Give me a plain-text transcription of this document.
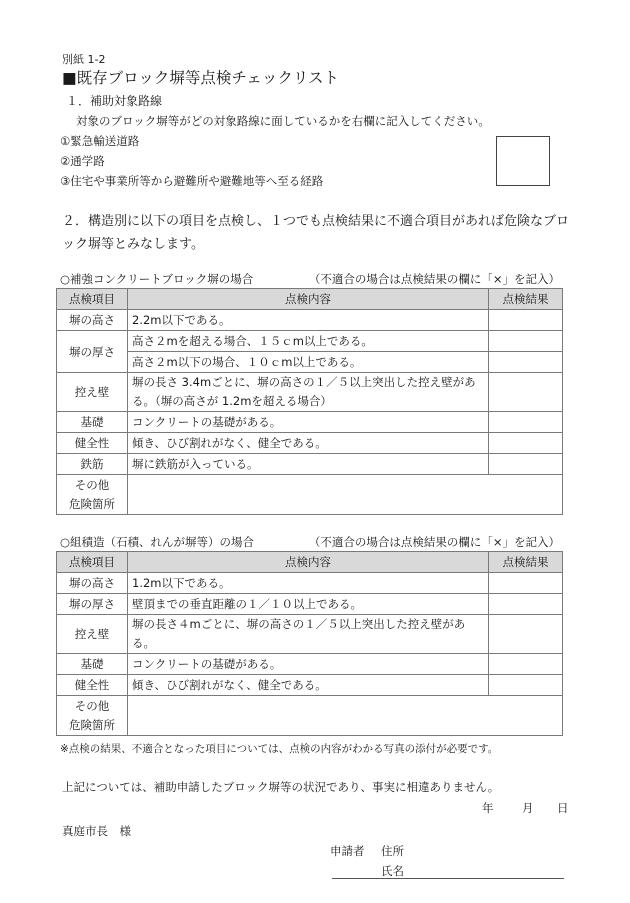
別紙 1-2
■既存ブロック塀等点検チェックリスト
１．補助対象路線
対象のブロック塀等がどの対象路線に面しているかを右欄に記入してください。
①緊急輸送道路
②通学路
③住宅や事業所等から避難所や避難地等へ至る経路
２．構造別に以下の項目を点検し、１つでも点検結果に不適合項目があれば危険なブロック塀等とみなします。
○補強コンクリートブロック塀の場合	（不適合の場合は点検結果の欄に「×」を記入）
点検項目	点検内容	点検結果
塀の高さ	2.2m以下である。	
塀の厚さ	高さ２mを超える場合、１５ｃm以上である。	
	高さ２m以下の場合、１０ｃm以上である。	
控え壁	塀の長さ 3.4mごとに、塀の高さの１／５以上突出した控え壁がある。（塀の高さが 1.2mを超える場合）	
基礎	コンクリートの基礎がある。	
健全性	傾き、ひび割れがなく、健全である。	
鉄筋	塀に鉄筋が入っている。	

その他
危険箇所		

○組積造（石積、れんが塀等）の場合	（不適合の場合は点検結果の欄に「×」を記入）
点検項目	点検内容	点検結果
塀の高さ	1.2m以下である。	
塀の厚さ	壁頂までの垂直距離の１／１０以上である。	
控え壁	塀の長さ４mごとに、塀の高さの１／５以上突出した控え壁がある。	
基礎	コンクリートの基礎がある。	
健全性	傾き、ひび割れがなく、健全である。	

その他
危険箇所		

※点検の結果、不適合となった項目については、点検の内容がわかる写真の添付が必要です。
上記については、補助申請したブロック塀等の状況であり、事実に相違ありません。
年 月 日
真庭市長　様
申請者 住所
氏名
